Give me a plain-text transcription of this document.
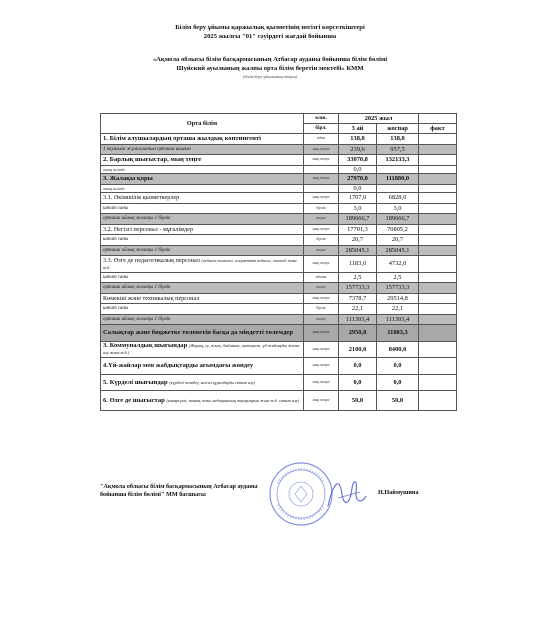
Білім беру ұйымы қаржылық қызметінің негізгі көрсеткіштері
2025 жылғы "01" сәуірдегі жағдай бойынша
«Ақмола облысы білім басқармасының Атбасар ауданы бойынша білім бөлімі
Шуйский ауылының жалпы орта білім беретін мектебі» КММ
(білім беру ұйымының атауы)
Орта білім	өлш.	2025 жыл		
	бірл.	3 ай	жоспар	факт
1. Білім алушылардың орташа жылдық контингенті	адам	138,0	138,0	
1 оқушыға жұмсалатын орташа шығын	мың теңге	239,6	957,5	
2. Барлық шығыстар, мың теңге	мың теңге	33070,8	132133,3	
оның ішінде:		0,0		
3. Жалақы қоры	мың теңге	27970,0	111880,0	
оның ішінде		0,0		
3.1. Әкімшілік қызметкерлер	мың теңге	1707,0	6828,0	
штат саны	бірлік	3,0	3,0	
орташа айлық жалақы 1 бірлік	теңге	189666,7	189666,7	
3.2. Негізгі персонал - мұғалімдер	мың теңге	17701,3	70805,2	
штат саны	бірлік	20,7	20,7	
орташа айлық жалақы 1 бірлік	теңге	285045,1	285045,1	
3.3. Өзге де педагогикалық персонал (педагог-психолог, әлеуметтік педагог, логопед және т.б.	мың теңге	1183,0	4732,0	
штат саны	адамы	2,5	2,5	
орташа айлық жалақы 1 бірлік	теңге	157733,3	157733,3	
Көмекші және техникалық персонал	мың теңге	7378,7	29514,8	
штат саны	бірлік	22,1	22,1	
орташа айлық жалақы 1 бірлік	теңге	111393,4	111393,4	
Салықтар және бюджетке төленетін басқа да міндетті төлемдер	мың теңге	2950,8	11803,3	
3. Коммуналдық шығындар (Жарық, су, жылу, байланыс, интернет, үй-жайларды жалға алу және т.б.)	мың теңге	2100,0	8400,0	
4.Үй-жайлар мен жабдықтарды ағымдағы жөндеу	мың теңге	0,0	0,0	
5. Күрделі шығындар (күрделі жөндеу, негізгі құралдарды сатып алу)	мың теңге	0,0	0,0	
6. Өзге де шығыстар (азықтүлік, тамақ және медициналық тауарларын және т.б. сатып алу)	мың теңге	50,0	50,0	
"Ақмола облысы білім басқармасының Атбасар ауданы
бойынша білім бөлімі" ММ басшысы	Н.Наймушина
